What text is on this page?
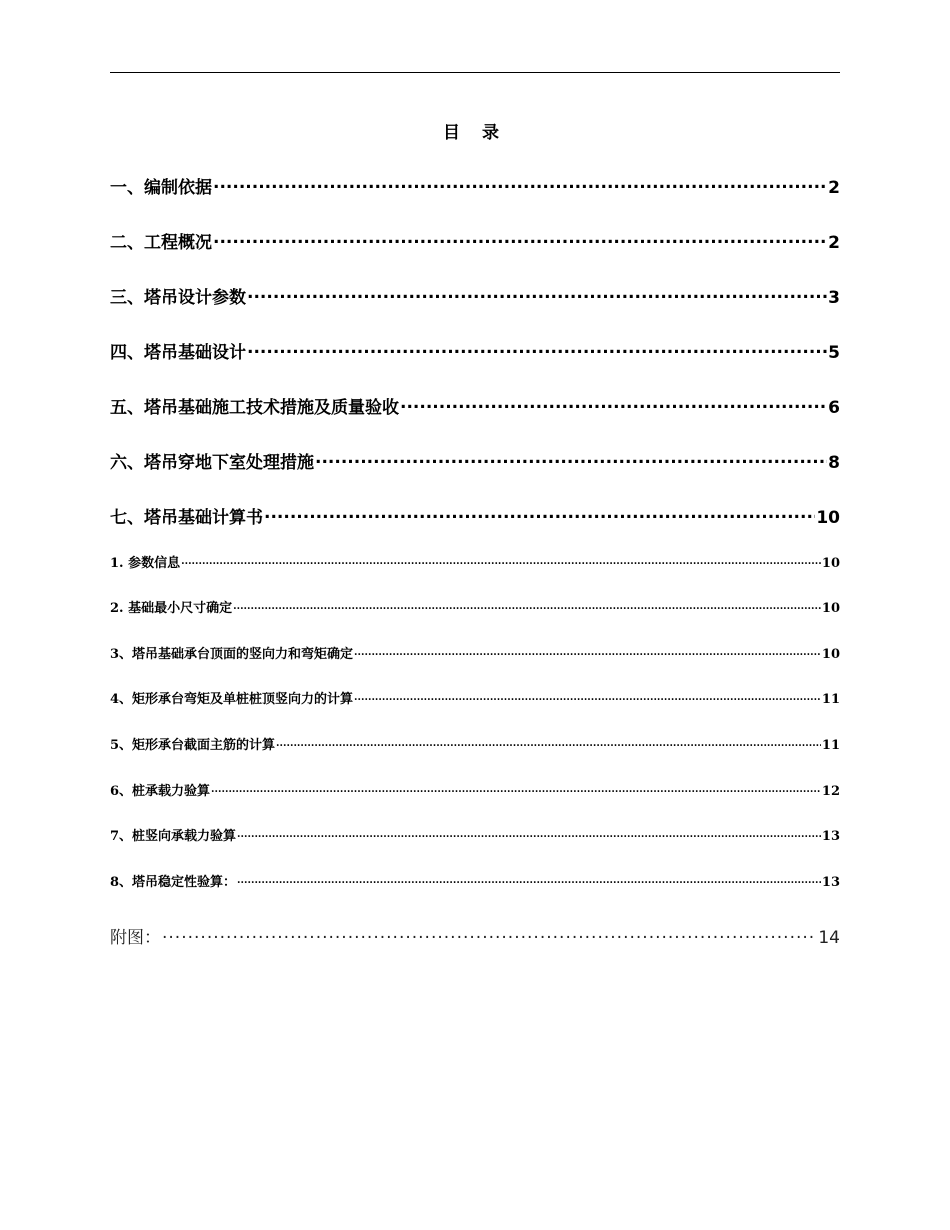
目 录
一、编制依据 .....	2
二、工程概况 .....	2
三、塔吊设计参数 .....	3
四、塔吊基础设计 .....	5
五、塔吊基础施工技术措施及质量验收 .....	6
六、塔吊穿地下室处理措施 .....	8
七、塔吊基础计算书 .....	10
1. 参数信息 .....	10
2. 基础最小尺寸确定 .....	10
3、塔吊基础承台顶面的竖向力和弯矩确定 .....	10
4、矩形承台弯矩及单桩桩顶竖向力的计算 .....	11
5、矩形承台截面主筋的计算 .....	11
6、桩承载力验算 .....	12
7、桩竖向承载力验算 .....	13
8、塔吊稳定性验算： .....	13
附图： .....	14
